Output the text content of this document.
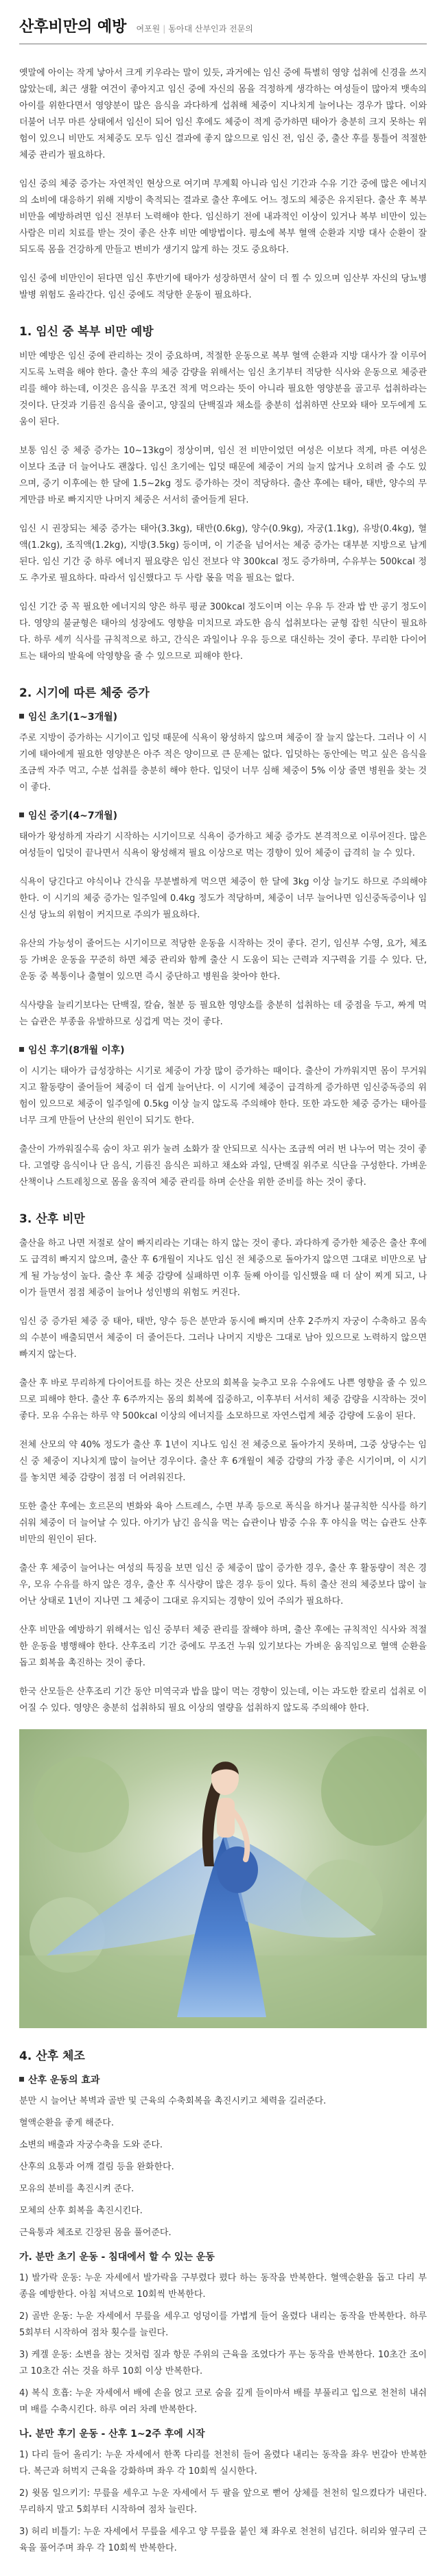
산후비만의 예방 여포원 | 동아대 산부인과 전문의

옛말에 아이는 작게 낳아서 크게 키우라는 말이 있듯, 과거에는 임신 중에 특별히 영양 섭취에 신경을 쓰지 않았는데, 최근 생활 여건이 좋아지고 임신 중에 자신의 몸을 걱정하게 생각하는 여성들이 많아져 뱃속의 아이를 위한다면서 영양분이 많은 음식을 과다하게 섭취해 체중이 지나치게 늘어나는 경우가 많다. 이와 더불어 너무 마른 상태에서 임신이 되어 임신 후에도 체중이 적게 증가하면 태아가 충분히 크지 못하는 위험이 있으니 비만도 저체중도 모두 임신 결과에 좋지 않으므로 임신 전, 임신 중, 출산 후를 통틀어 적절한 체중 관리가 필요하다.

임신 중의 체중 증가는 자연적인 현상으로 여기며 무계획 아니라 임신 기간과 수유 기간 중에 많은 에너지의 소비에 대응하기 위해 지방이 축적되는 결과로 출산 후에도 어느 정도의 체중은 유지된다. 출산 후 복부 비만을 예방하려면 임신 전부터 노력해야 한다. 임신하기 전에 내과적인 이상이 있거나 복부 비만이 있는 사람은 미리 치료를 받는 것이 좋은 산후 비만 예방법이다. 평소에 복부 혈액 순환과 지방 대사 순환이 잘 되도록 몸을 건강하게 만들고 변비가 생기지 않게 하는 것도 중요하다.

임신 중에 비만인이 된다면 임신 후반기에 태아가 성장하면서 살이 더 찔 수 있으며 임산부 자신의 당뇨병 발병 위험도 올라간다. 임신 중에도 적당한 운동이 필요하다.

1. 임신 중 복부 비만 예방

비만 예방은 임신 중에 관리하는 것이 중요하며, 적절한 운동으로 복부 혈액 순환과 지방 대사가 잘 이루어지도록 노력을 해야 한다. 출산 후의 체중 감량을 위해서는 임신 초기부터 적당한 식사와 운동으로 체중관리를 해야 하는데, 이것은 음식을 무조건 적게 먹으라는 뜻이 아니라 필요한 영양분을 골고루 섭취하라는 것이다. 단것과 기름진 음식을 줄이고, 양질의 단백질과 채소를 충분히 섭취하면 산모와 태아 모두에게 도움이 된다.

보통 임신 중 체중 증가는 10~13kg이 정상이며, 임신 전 비만이었던 여성은 이보다 적게, 마른 여성은 이보다 조금 더 늘어나도 괜찮다. 임신 초기에는 입덧 때문에 체중이 거의 늘지 않거나 오히려 줄 수도 있으며, 중기 이후에는 한 달에 1.5~2kg 정도 증가하는 것이 적당하다. 출산 후에는 태아, 태반, 양수의 무게만큼 바로 빠지지만 나머지 체중은 서서히 줄어들게 된다.

임신 시 권장되는 체중 증가는 태아(3.3kg), 태반(0.6kg), 양수(0.9kg), 자궁(1.1kg), 유방(0.4kg), 혈액(1.2kg), 조직액(1.2kg), 지방(3.5kg) 등이며, 이 기준을 넘어서는 체중 증가는 대부분 지방으로 남게 된다. 임신 기간 중 하루 에너지 필요량은 임신 전보다 약 300kcal 정도 증가하며, 수유부는 500kcal 정도 추가로 필요하다. 따라서 임신했다고 두 사람 몫을 먹을 필요는 없다.

임신 기간 중 꼭 필요한 에너지의 양은 하루 평균 300kcal 정도이며 이는 우유 두 잔과 밥 반 공기 정도이다. 영양의 불균형은 태아의 성장에도 영향을 미치므로 과도한 음식 섭취보다는 균형 잡힌 식단이 필요하다. 하루 세끼 식사를 규칙적으로 하고, 간식은 과일이나 우유 등으로 대신하는 것이 좋다. 무리한 다이어트는 태아의 발육에 악영향을 줄 수 있으므로 피해야 한다.

2. 시기에 따른 체중 증가
임신 초기(1~3개월)

주로 지방이 증가하는 시기이고 입덧 때문에 식욕이 왕성하지 않으며 체중이 잘 늘지 않는다. 그러나 이 시기에 태아에게 필요한 영양분은 아주 적은 양이므로 큰 문제는 없다. 입덧하는 동안에는 먹고 싶은 음식을 조금씩 자주 먹고, 수분 섭취를 충분히 해야 한다. 입덧이 너무 심해 체중이 5% 이상 줄면 병원을 찾는 것이 좋다.

임신 중기(4~7개월)

태아가 왕성하게 자라기 시작하는 시기이므로 식욕이 증가하고 체중 증가도 본격적으로 이루어진다. 많은 여성들이 입덧이 끝나면서 식욕이 왕성해져 필요 이상으로 먹는 경향이 있어 체중이 급격히 늘 수 있다.

식욕이 당긴다고 야식이나 간식을 무분별하게 먹으면 체중이 한 달에 3kg 이상 늘기도 하므로 주의해야 한다. 이 시기의 체중 증가는 일주일에 0.4kg 정도가 적당하며, 체중이 너무 늘어나면 임신중독증이나 임신성 당뇨의 위험이 커지므로 주의가 필요하다.

유산의 가능성이 줄어드는 시기이므로 적당한 운동을 시작하는 것이 좋다. 걷기, 임신부 수영, 요가, 체조 등 가벼운 운동을 꾸준히 하면 체중 관리와 함께 출산 시 도움이 되는 근력과 지구력을 기를 수 있다. 단, 운동 중 복통이나 출혈이 있으면 즉시 중단하고 병원을 찾아야 한다.

식사량을 늘리기보다는 단백질, 칼슘, 철분 등 필요한 영양소를 충분히 섭취하는 데 중점을 두고, 짜게 먹는 습관은 부종을 유발하므로 싱겁게 먹는 것이 좋다.

임신 후기(8개월 이후)

이 시기는 태아가 급성장하는 시기로 체중이 가장 많이 증가하는 때이다. 출산이 가까워지면 몸이 무거워지고 활동량이 줄어들어 체중이 더 쉽게 늘어난다. 이 시기에 체중이 급격하게 증가하면 임신중독증의 위험이 있으므로 체중이 일주일에 0.5kg 이상 늘지 않도록 주의해야 한다. 또한 과도한 체중 증가는 태아를 너무 크게 만들어 난산의 원인이 되기도 한다.

출산이 가까워질수록 숨이 차고 위가 눌려 소화가 잘 안되므로 식사는 조금씩 여러 번 나누어 먹는 것이 좋다. 고열량 음식이나 단 음식, 기름진 음식은 피하고 채소와 과일, 단백질 위주로 식단을 구성한다. 가벼운 산책이나 스트레칭으로 몸을 움직여 체중 관리를 하며 순산을 위한 준비를 하는 것이 좋다.

3. 산후 비만

출산을 하고 나면 저절로 살이 빠지리라는 기대는 하지 않는 것이 좋다. 과다하게 증가한 체중은 출산 후에도 급격히 빠지지 않으며, 출산 후 6개월이 지나도 임신 전 체중으로 돌아가지 않으면 그대로 비만으로 남게 될 가능성이 높다. 출산 후 체중 감량에 실패하면 이후 둘째 아이를 임신했을 때 더 살이 찌게 되고, 나이가 들면서 점점 체중이 늘어나 성인병의 위험도 커진다.

임신 중 증가된 체중 중 태아, 태반, 양수 등은 분만과 동시에 빠지며 산후 2주까지 자궁이 수축하고 몸속의 수분이 배출되면서 체중이 더 줄어든다. 그러나 나머지 지방은 그대로 남아 있으므로 노력하지 않으면 빠지지 않는다.

출산 후 바로 무리하게 다이어트를 하는 것은 산모의 회복을 늦추고 모유 수유에도 나쁜 영향을 줄 수 있으므로 피해야 한다. 출산 후 6주까지는 몸의 회복에 집중하고, 이후부터 서서히 체중 감량을 시작하는 것이 좋다. 모유 수유는 하루 약 500kcal 이상의 에너지를 소모하므로 자연스럽게 체중 감량에 도움이 된다.

전체 산모의 약 40% 정도가 출산 후 1년이 지나도 임신 전 체중으로 돌아가지 못하며, 그중 상당수는 임신 중 체중이 지나치게 많이 늘어난 경우이다. 출산 후 6개월이 체중 감량의 가장 좋은 시기이며, 이 시기를 놓치면 체중 감량이 점점 더 어려워진다.

또한 출산 후에는 호르몬의 변화와 육아 스트레스, 수면 부족 등으로 폭식을 하거나 불규칙한 식사를 하기 쉬워 체중이 더 늘어날 수 있다. 아기가 남긴 음식을 먹는 습관이나 밤중 수유 후 야식을 먹는 습관도 산후 비만의 원인이 된다.

출산 후 체중이 늘어나는 여성의 특징을 보면 임신 중 체중이 많이 증가한 경우, 출산 후 활동량이 적은 경우, 모유 수유를 하지 않은 경우, 출산 후 식사량이 많은 경우 등이 있다. 특히 출산 전의 체중보다 많이 늘어난 상태로 1년이 지나면 그 체중이 그대로 유지되는 경향이 있어 주의가 필요하다.

산후 비만을 예방하기 위해서는 임신 중부터 체중 관리를 잘해야 하며, 출산 후에는 규칙적인 식사와 적절한 운동을 병행해야 한다. 산후조리 기간 중에도 무조건 누워 있기보다는 가벼운 움직임으로 혈액 순환을 돕고 회복을 촉진하는 것이 좋다.

한국 산모들은 산후조리 기간 동안 미역국과 밥을 많이 먹는 경향이 있는데, 이는 과도한 칼로리 섭취로 이어질 수 있다. 영양은 충분히 섭취하되 필요 이상의 열량을 섭취하지 않도록 주의해야 한다.

4. 산후 체조
산후 운동의 효과
분만 시 늘어난 복벽과 골반 및 근육의 수축회복을 촉진시키고 체력을 길러준다.
혈액순환을 좋게 해준다.
소변의 배출과 자궁수축을 도와 준다.
산후의 요통과 어깨 결림 등을 완화한다.
모유의 분비를 촉진시켜 준다.
모체의 산후 회복을 촉진시킨다.
근육통과 체조로 긴장된 몸을 풀어준다.
가. 분만 초기 운동 - 침대에서 할 수 있는 운동
1) 발가락 운동: 누운 자세에서 발가락을 구부렸다 폈다 하는 동작을 반복한다. 혈액순환을 돕고 다리 부종을 예방한다. 아침 저녁으로 10회씩 반복한다.
2) 골반 운동: 누운 자세에서 무릎을 세우고 엉덩이를 가볍게 들어 올렸다 내리는 동작을 반복한다. 하루 5회부터 시작하여 점차 횟수를 늘린다.
3) 케겔 운동: 소변을 참는 것처럼 질과 항문 주위의 근육을 조였다가 푸는 동작을 반복한다. 10초간 조이고 10초간 쉬는 것을 하루 10회 이상 반복한다.
4) 복식 호흡: 누운 자세에서 배에 손을 얹고 코로 숨을 깊게 들이마셔 배를 부풀리고 입으로 천천히 내쉬며 배를 수축시킨다. 하루 여러 차례 반복한다.
나. 분만 후기 운동 - 산후 1~2주 후에 시작
1) 다리 들어 올리기: 누운 자세에서 한쪽 다리를 천천히 들어 올렸다 내리는 동작을 좌우 번갈아 반복한다. 복근과 허벅지 근육을 강화하며 좌우 각 10회씩 실시한다.
2) 윗몸 일으키기: 무릎을 세우고 누운 자세에서 두 팔을 앞으로 뻗어 상체를 천천히 일으켰다가 내린다. 무리하지 말고 5회부터 시작하여 점차 늘린다.
3) 허리 비틀기: 누운 자세에서 무릎을 세우고 양 무릎을 붙인 채 좌우로 천천히 넘긴다. 허리와 옆구리 근육을 풀어주며 좌우 각 10회씩 반복한다.
